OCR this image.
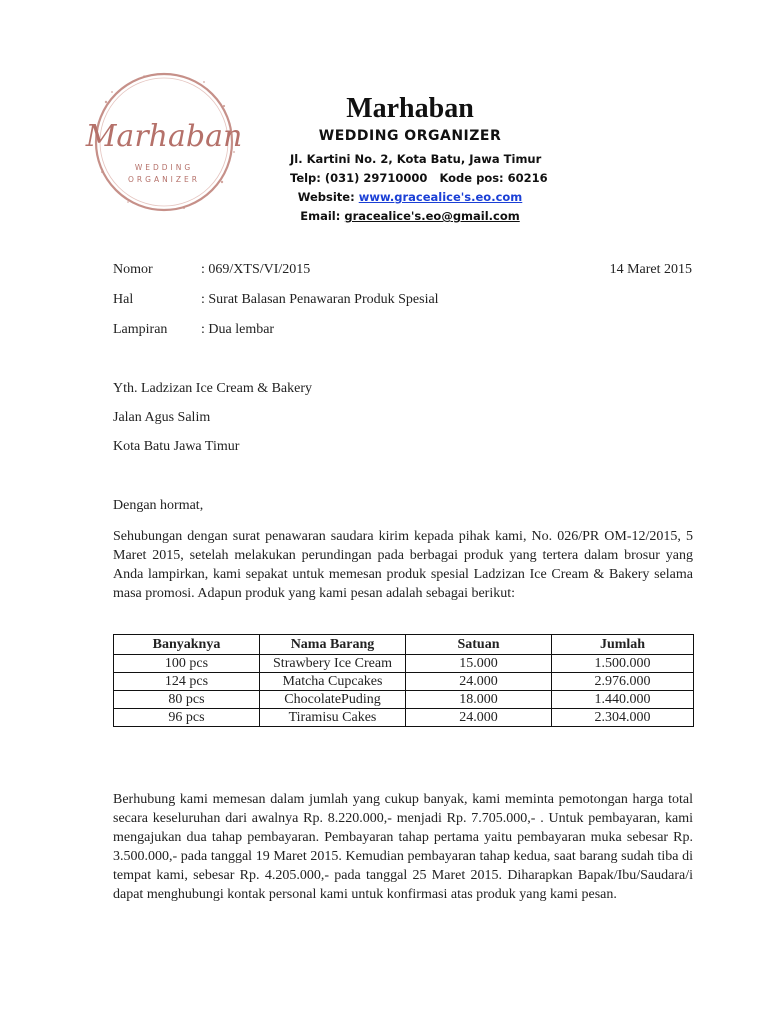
Marhaban
WEDDING
ORGANIZER
Marhaban
WEDDING ORGANIZER
Jl. Kartini No. 2, Kota Batu, Jawa Timur
Telp: (031) 29710000 Kode pos: 60216
Website: www.gracealice's.eo.com
Email: gracealice's.eo@gmail.com
Nomor	: 069/XTS/VI/2015	14 Maret 2015
Hal	: Surat Balasan Penawaran Produk Spesial
Lampiran : Dua lembar
Yth. Ladzizan Ice Cream & Bakery
Jalan Agus Salim
Kota Batu Jawa Timur
Dengan hormat,
Sehubungan dengan surat penawaran saudara kirim kepada pihak kami, No. 026/PR OM-12/2015, 5 Maret 2015, setelah melakukan perundingan pada berbagai produk yang tertera dalam brosur yang Anda lampirkan, kami sepakat untuk memesan produk spesial Ladzizan Ice Cream & Bakery selama masa promosi. Adapun produk yang kami pesan adalah sebagai berikut:
Banyaknya	Nama Barang	Satuan	Jumlah
100 pcs	Strawbery Ice Cream	15.000	1.500.000
124 pcs	Matcha Cupcakes	24.000	2.976.000
80 pcs	ChocolatePuding	18.000	1.440.000
96 pcs	Tiramisu Cakes	24.000	2.304.000
Berhubung kami memesan dalam jumlah yang cukup banyak, kami meminta pemotongan harga total secara keseluruhan dari awalnya Rp. 8.220.000,- menjadi Rp. 7.705.000,- . Untuk pembayaran, kami mengajukan dua tahap pembayaran. Pembayaran tahap pertama yaitu pembayaran muka sebesar Rp. 3.500.000,- pada tanggal 19 Maret 2015. Kemudian pembayaran tahap kedua, saat barang sudah tiba di tempat kami, sebesar Rp. 4.205.000,- pada tanggal 25 Maret 2015. Diharapkan Bapak/Ibu/Saudara/i dapat menghubungi kontak personal kami untuk konfirmasi atas produk yang kami pesan.
